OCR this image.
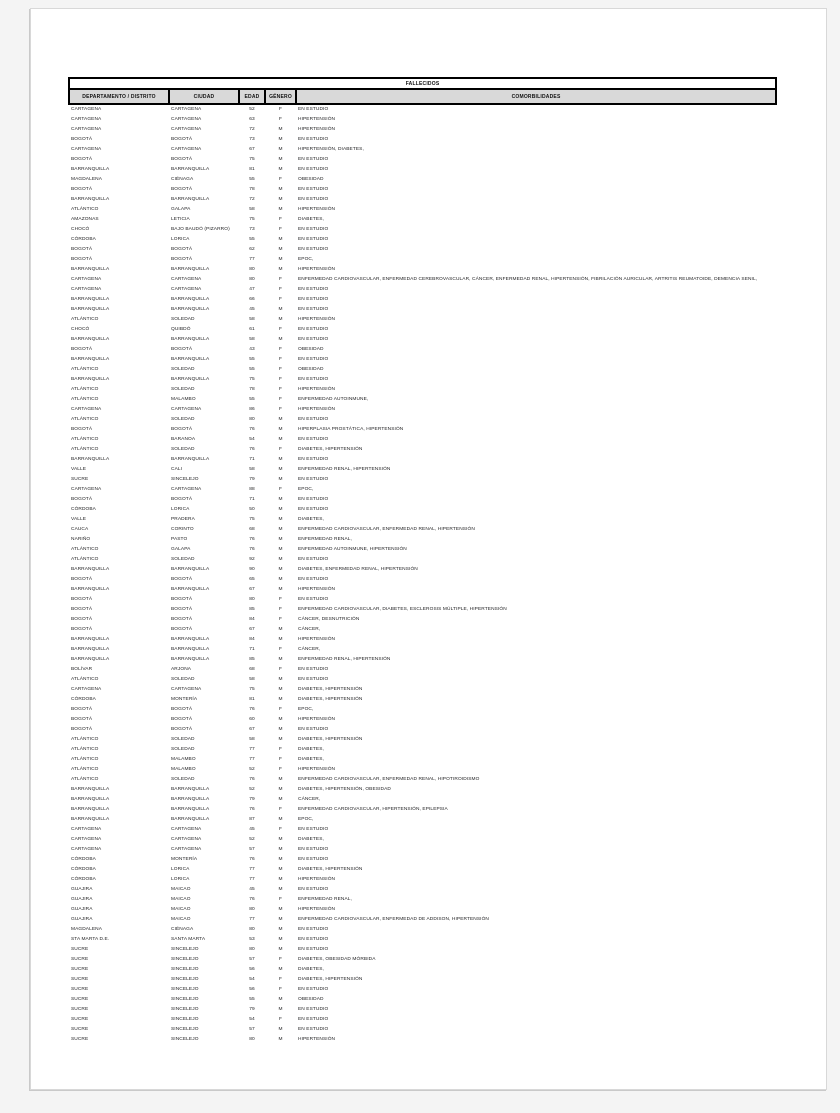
FALLECIDOS				
DEPARTAMENTO / DISTRITO	CIUDAD	EDAD	GÉNERO	COMORBILIDADES
CARTAGENA	CARTAGENA	52	F	EN ESTUDIO
CARTAGENA	CARTAGENA	63	F	HIPERTENSIÓN
CARTAGENA	CARTAGENA	72	M	HIPERTENSIÓN
BOGOTÁ	BOGOTÁ	73	M	EN ESTUDIO
CARTAGENA	CARTAGENA	67	M	HIPERTENSIÓN, DIABETES,
BOGOTÁ	BOGOTÁ	75	M	EN ESTUDIO
BARRANQUILLA	BARRANQUILLA	81	M	EN ESTUDIO
MAGDALENA	CIÉNAGA	55	F	OBESIDAD
BOGOTÁ	BOGOTÁ	78	M	EN ESTUDIO
BARRANQUILLA	BARRANQUILLA	72	M	EN ESTUDIO
ATLÁNTICO	GALAPA	58	M	HIPERTENSIÓN
AMAZONAS	LETICIA	75	F	DIABETES,
CHOCÓ	BAJO BAUDÓ (PIZARRO)	73	F	EN ESTUDIO
CÓRDOBA	LORICA	55	M	EN ESTUDIO
BOGOTÁ	BOGOTÁ	62	M	EN ESTUDIO
BOGOTÁ	BOGOTÁ	77	M	EPOC,
BARRANQUILLA	BARRANQUILLA	80	M	HIPERTENSIÓN
CARTAGENA	CARTAGENA	80	F	ENFERMEDAD CARDIOVASCULAR, ENFERMEDAD CEREBROVASCULAR, CÁNCER, ENFERMEDAD RENAL, HIPERTENSIÓN, FIBRILACIÓN AURICULAR, ARTRITIS REUMATOIDE, DEMENCIA SENIL,
CARTAGENA	CARTAGENA	47	F	EN ESTUDIO
BARRANQUILLA	BARRANQUILLA	66	F	EN ESTUDIO
BARRANQUILLA	BARRANQUILLA	45	M	EN ESTUDIO
ATLÁNTICO	SOLEDAD	58	M	HIPERTENSIÓN
CHOCÓ	QUIBDÓ	61	F	EN ESTUDIO
BARRANQUILLA	BARRANQUILLA	58	M	EN ESTUDIO
BOGOTÁ	BOGOTÁ	43	F	OBESIDAD
BARRANQUILLA	BARRANQUILLA	55	F	EN ESTUDIO
ATLÁNTICO	SOLEDAD	55	F	OBESIDAD
BARRANQUILLA	BARRANQUILLA	75	F	EN ESTUDIO
ATLÁNTICO	SOLEDAD	78	F	HIPERTENSIÓN
ATLÁNTICO	MALAMBO	55	F	ENFERMEDAD AUTOINMUNE,
CARTAGENA	CARTAGENA	86	F	HIPERTENSIÓN
ATLÁNTICO	SOLEDAD	80	M	EN ESTUDIO
BOGOTÁ	BOGOTÁ	76	M	HIPERPLASIA PROSTÁTICA, HIPERTENSIÓN
ATLÁNTICO	BARANOA	54	M	EN ESTUDIO
ATLÁNTICO	SOLEDAD	76	F	DIABETES, HIPERTENSIÓN
BARRANQUILLA	BARRANQUILLA	71	M	EN ESTUDIO
VALLE	CALI	58	M	ENFERMEDAD RENAL, HIPERTENSIÓN
SUCRE	SINCELEJO	79	M	EN ESTUDIO
CARTAGENA	CARTAGENA	88	F	EPOC,
BOGOTÁ	BOGOTÁ	71	M	EN ESTUDIO
CÓRDOBA	LORICA	50	M	EN ESTUDIO
VALLE	PRADERA	75	M	DIABETES,
CAUCA	CORINTO	68	M	ENFERMEDAD CARDIOVASCULAR, ENFERMEDAD RENAL, HIPERTENSIÓN
NARIÑO	PASTO	76	M	ENFERMEDAD RENAL,
ATLÁNTICO	GALAPA	76	M	ENFERMEDAD AUTOINMUNE, HIPERTENSIÓN
ATLÁNTICO	SOLEDAD	92	M	EN ESTUDIO
BARRANQUILLA	BARRANQUILLA	90	M	DIABETES, ENFERMEDAD RENAL, HIPERTENSIÓN
BOGOTÁ	BOGOTÁ	65	M	EN ESTUDIO
BARRANQUILLA	BARRANQUILLA	67	M	HIPERTENSIÓN
BOGOTÁ	BOGOTÁ	80	F	EN ESTUDIO
BOGOTÁ	BOGOTÁ	85	F	ENFERMEDAD CARDIOVASCULAR, DIABETES, ESCLEROSIS MÚLTIPLE, HIPERTENSIÓN
BOGOTÁ	BOGOTÁ	84	F	CÁNCER, DESNUTRICIÓN
BOGOTÁ	BOGOTÁ	67	M	CÁNCER,
BARRANQUILLA	BARRANQUILLA	84	M	HIPERTENSIÓN
BARRANQUILLA	BARRANQUILLA	71	F	CÁNCER,
BARRANQUILLA	BARRANQUILLA	85	M	ENFERMEDAD RENAL, HIPERTENSIÓN
BOLÍVAR	ARJONA	68	F	EN ESTUDIO
ATLÁNTICO	SOLEDAD	58	M	EN ESTUDIO
CARTAGENA	CARTAGENA	75	M	DIABETES, HIPERTENSIÓN
CÓRDOBA	MONTERÍA	81	M	DIABETES, HIPERTENSIÓN
BOGOTÁ	BOGOTÁ	76	F	EPOC,
BOGOTÁ	BOGOTÁ	60	M	HIPERTENSIÓN
BOGOTÁ	BOGOTÁ	67	M	EN ESTUDIO
ATLÁNTICO	SOLEDAD	58	M	DIABETES, HIPERTENSIÓN
ATLÁNTICO	SOLEDAD	77	F	DIABETES,
ATLÁNTICO	MALAMBO	77	F	DIABETES,
ATLÁNTICO	MALAMBO	52	F	HIPERTENSIÓN
ATLÁNTICO	SOLEDAD	76	M	ENFERMEDAD CARDIOVASCULAR, ENFERMEDAD RENAL, HIPOTIROIDISMO
BARRANQUILLA	BARRANQUILLA	52	M	DIABETES, HIPERTENSIÓN, OBESIDAD
BARRANQUILLA	BARRANQUILLA	79	M	CÁNCER,
BARRANQUILLA	BARRANQUILLA	76	F	ENFERMEDAD CARDIOVASCULAR, HIPERTENSIÓN, EPILEPSIA
BARRANQUILLA	BARRANQUILLA	87	M	EPOC,
CARTAGENA	CARTAGENA	45	F	EN ESTUDIO
CARTAGENA	CARTAGENA	52	M	DIABETES,
CARTAGENA	CARTAGENA	57	M	EN ESTUDIO
CÓRDOBA	MONTERÍA	76	M	EN ESTUDIO
CÓRDOBA	LORICA	77	M	DIABETES, HIPERTENSIÓN
CÓRDOBA	LORICA	77	M	HIPERTENSIÓN
GUAJIRA	MAICAO	45	M	EN ESTUDIO
GUAJIRA	MAICAO	76	F	ENFERMEDAD RENAL,
GUAJIRA	MAICAO	80	M	HIPERTENSIÓN
GUAJIRA	MAICAO	77	M	ENFERMEDAD CARDIOVASCULAR, ENFERMEDAD DE ADDISON, HIPERTENSIÓN
MAGDALENA	CIÉNAGA	80	M	EN ESTUDIO
STA MARTA D.E.	SANTA MARTA	53	M	EN ESTUDIO
SUCRE	SINCELEJO	80	M	EN ESTUDIO
SUCRE	SINCELEJO	57	F	DIABETES, OBESIDAD MÓRBIDA
SUCRE	SINCELEJO	56	M	DIABETES,
SUCRE	SINCELEJO	54	F	DIABETES, HIPERTENSIÓN
SUCRE	SINCELEJO	56	F	EN ESTUDIO
SUCRE	SINCELEJO	55	M	OBESIDAD
SUCRE	SINCELEJO	79	M	EN ESTUDIO
SUCRE	SINCELEJO	54	F	EN ESTUDIO
SUCRE	SINCELEJO	57	M	EN ESTUDIO
SUCRE	SINCELEJO	80	M	HIPERTENSIÓN
